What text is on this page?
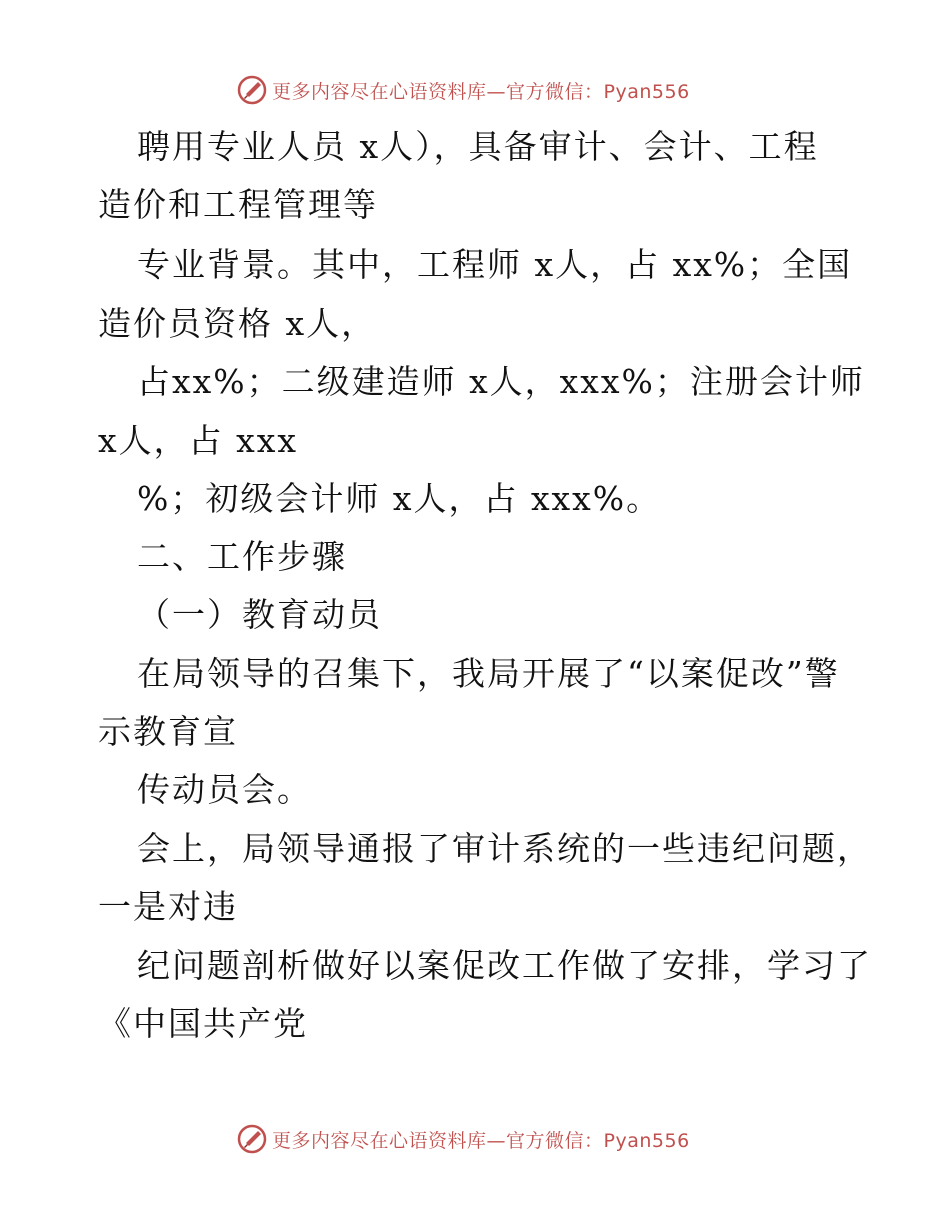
更多内容尽在心语资料库—官方微信：Pyan556
聘用专业人员 x人），具备审计、会计、工程
造价和工程管理等
专业背景。其中，工程师 x人，占 xx%；全国
造价员资格 x人，
占xx%；二级建造师 x人，xxx%；注册会计师
x人，占 xxx
%；初级会计师 x人，占 xxx%。
二、工作步骤
（一）教育动员
在局领导的召集下，我局开展了“以案促改”警
示教育宣
传动员会。
会上，局领导通报了审计系统的一些违纪问题，
一是对违
纪问题剖析做好以案促改工作做了安排，学习了
《中国共产党
更多内容尽在心语资料库—官方微信：Pyan556
